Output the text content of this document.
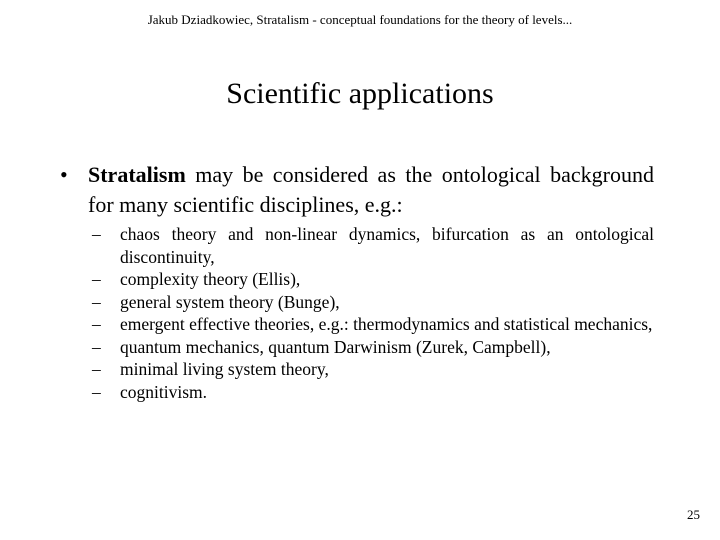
Jakub Dziadkowiec, Stratalism - conceptual foundations for the theory of levels...
Scientific applications
• Stratalism may be considered as the ontological background for many scientific disciplines, e.g.:
– chaos theory and non-linear dynamics, bifurcation as an ontological discontinuity,
– complexity theory (Ellis),
– general system theory (Bunge),
– emergent effective theories, e.g.: thermodynamics and statistical mechanics,
– quantum mechanics, quantum Darwinism (Zurek, Campbell),
– minimal living system theory,
– cognitivism.
25
